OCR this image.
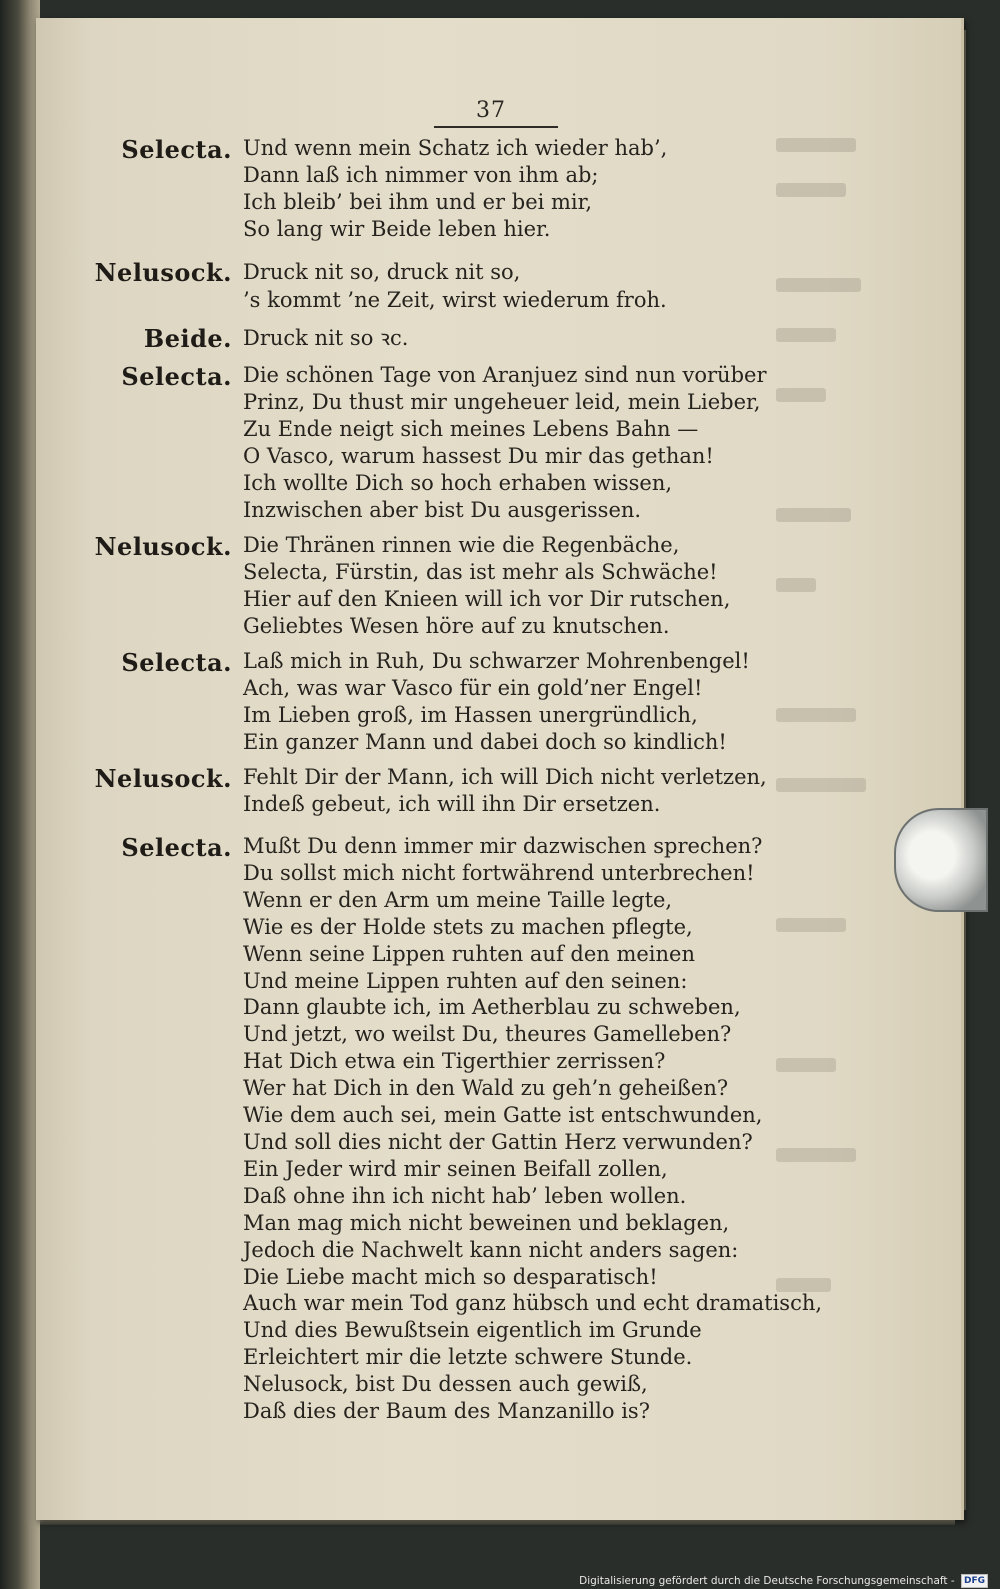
37
Selecta. Und wenn mein Schatz ich wieder hab’,
Dann laß ich nimmer von ihm ab;
Ich bleib’ bei ihm und er bei mir,
So lang wir Beide leben hier.
Nelusock. Druck nit so, druck nit so,
’s kommt ’ne Zeit, wirst wiederum froh.
Beide. Druck nit so ꝛc.
Selecta. Die schönen Tage von Aranjuez sind nun vorüber
Prinz, Du thust mir ungeheuer leid, mein Lieber,
Zu Ende neigt sich meines Lebens Bahn —
O Vasco, warum hassest Du mir das gethan!
Ich wollte Dich so hoch erhaben wissen,
Inzwischen aber bist Du ausgerissen.
Nelusock. Die Thränen rinnen wie die Regenbäche,
Selecta, Fürstin, das ist mehr als Schwäche!
Hier auf den Knieen will ich vor Dir rutschen,
Geliebtes Wesen höre auf zu knutschen.
Selecta. Laß mich in Ruh, Du schwarzer Mohrenbengel!
Ach, was war Vasco für ein gold’ner Engel!
Im Lieben groß, im Hassen unergründlich,
Ein ganzer Mann und dabei doch so kindlich!
Nelusock. Fehlt Dir der Mann, ich will Dich nicht verletzen,
Indeß gebeut, ich will ihn Dir ersetzen.
Selecta. Mußt Du denn immer mir dazwischen sprechen?
Du sollst mich nicht fortwährend unterbrechen!
Wenn er den Arm um meine Taille legte,
Wie es der Holde stets zu machen pflegte,
Wenn seine Lippen ruhten auf den meinen
Und meine Lippen ruhten auf den seinen:
Dann glaubte ich, im Aetherblau zu schweben,
Und jetzt, wo weilst Du, theures Gamelleben?
Hat Dich etwa ein Tigerthier zerrissen?
Wer hat Dich in den Wald zu geh’n geheißen?
Wie dem auch sei, mein Gatte ist entschwunden,
Und soll dies nicht der Gattin Herz verwunden?
Ein Jeder wird mir seinen Beifall zollen,
Daß ohne ihn ich nicht hab’ leben wollen.
Man mag mich nicht beweinen und beklagen,
Jedoch die Nachwelt kann nicht anders sagen:
Die Liebe macht mich so desparatisch!
Auch war mein Tod ganz hübsch und echt dramatisch,
Und dies Bewußtsein eigentlich im Grunde
Erleichtert mir die letzte schwere Stunde.
Nelusock, bist Du dessen auch gewiß,
Daß dies der Baum des Manzanillo is?
Digitalisierung gefördert durch die Deutsche Forschungsgemeinschaft - DFG
